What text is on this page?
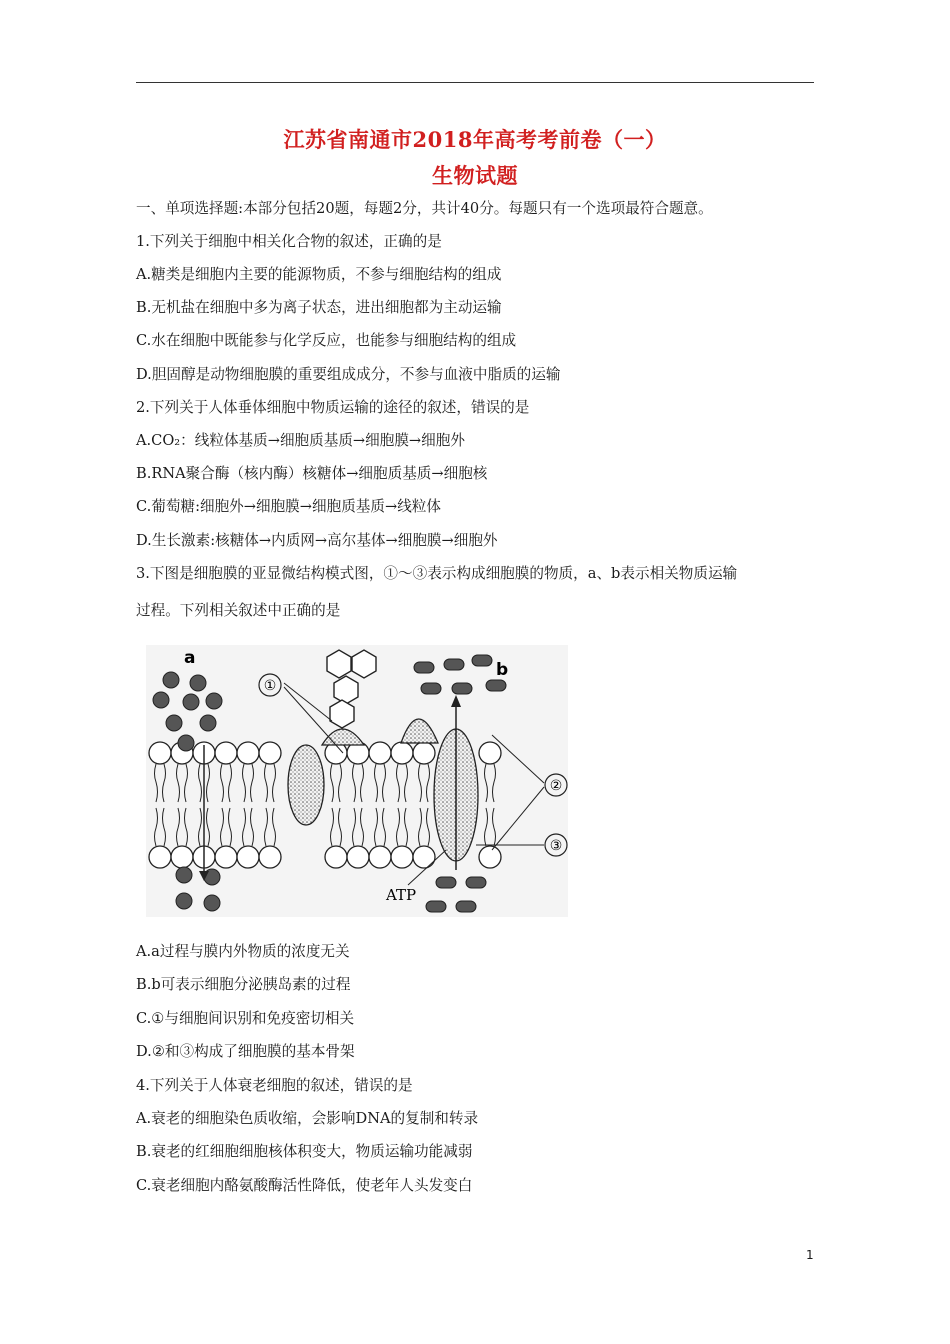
江苏省南通市2018年高考考前卷（一）
生物试题
一、单项选择题:本部分包括20题，每题2分，共计40分。每题只有一个选项最符合题意。
1.下列关于细胞中相关化合物的叙述，正确的是
A.糖类是细胞内主要的能源物质，不参与细胞结构的组成
B.无机盐在细胞中多为离子状态，进出细胞都为主动运输
C.水在细胞中既能参与化学反应，也能参与细胞结构的组成
D.胆固醇是动物细胞膜的重要组成成分，不参与血液中脂质的运输
2.下列关于人体垂体细胞中物质运输的途径的叙述，错误的是
A.CO₂：线粒体基质→细胞质基质→细胞膜→细胞外
B.RNA聚合酶（核内酶）核糖体→细胞质基质→细胞核
C.葡萄糖:细胞外→细胞膜→细胞质基质→线粒体
D.生长激素:核糖体→内质网→高尔基体→细胞膜→细胞外
3.下图是细胞膜的亚显微结构模式图，①～③表示构成细胞膜的物质，a、b表示相关物质运输
过程。下列相关叙述中正确的是
①
a
b
②
③
ATP
A.a过程与膜内外物质的浓度无关
B.b可表示细胞分泌胰岛素的过程
C.①与细胞间识别和免疫密切相关
D.②和③构成了细胞膜的基本骨架
4.下列关于人体衰老细胞的叙述，错误的是
A.衰老的细胞染色质收缩，会影响DNA的复制和转录
B.衰老的红细胞细胞核体积变大，物质运输功能减弱
C.衰老细胞内酪氨酸酶活性降低，使老年人头发变白
1
